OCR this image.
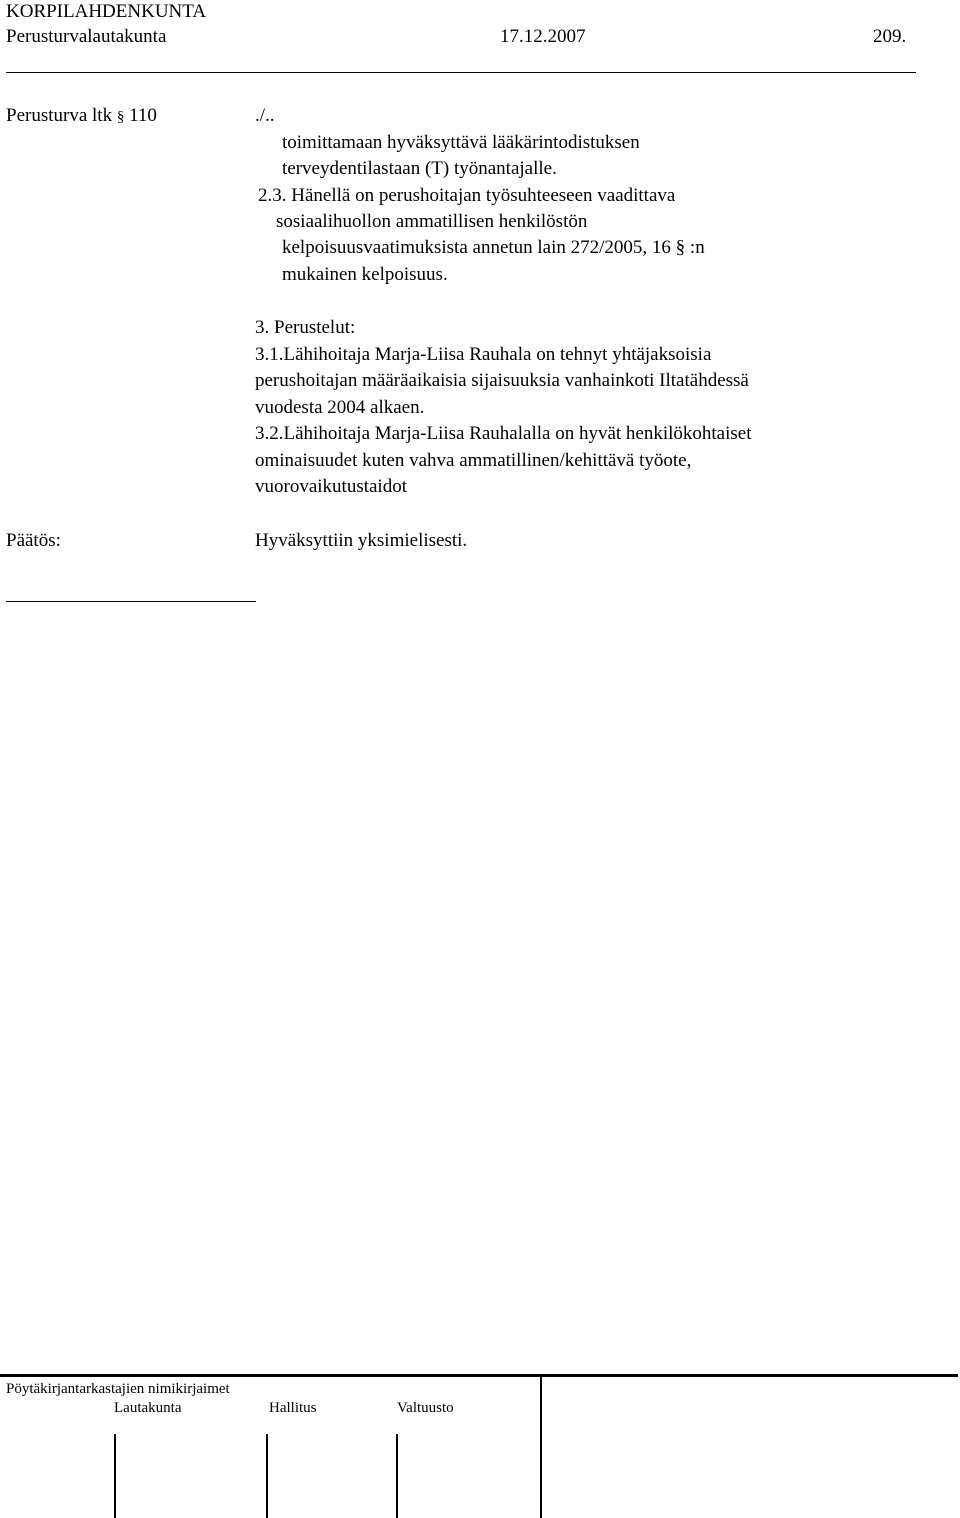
KORPILAHDENKUNTA
Perusturvalautakunta	17.12.2007	209.
Perusturva ltk § 110	./..
toimittamaan hyväksyttävä lääkärintodistuksen
terveydentilastaan (T) työnantajalle.
2.3. Hänellä on perushoitajan työsuhteeseen vaadittava
sosiaalihuollon ammatillisen henkilöstön
kelpoisuusvaatimuksista annetun lain 272/2005, 16 § :n
mukainen kelpoisuus.
3. Perustelut:
3.1.Lähihoitaja Marja-Liisa Rauhala on tehnyt yhtäjaksoisia
perushoitajan määräaikaisia sijaisuuksia vanhainkoti Iltatähdessä
vuodesta 2004 alkaen.
3.2.Lähihoitaja Marja-Liisa Rauhalalla on hyvät henkilökohtaiset
ominaisuudet kuten vahva ammatillinen/kehittävä työote,
vuorovaikutustaidot
Päätös:	Hyväksyttiin yksimielisesti.
Pöytäkirjantarkastajien nimikirjaimet
Lautakunta	Hallitus	Valtuusto
